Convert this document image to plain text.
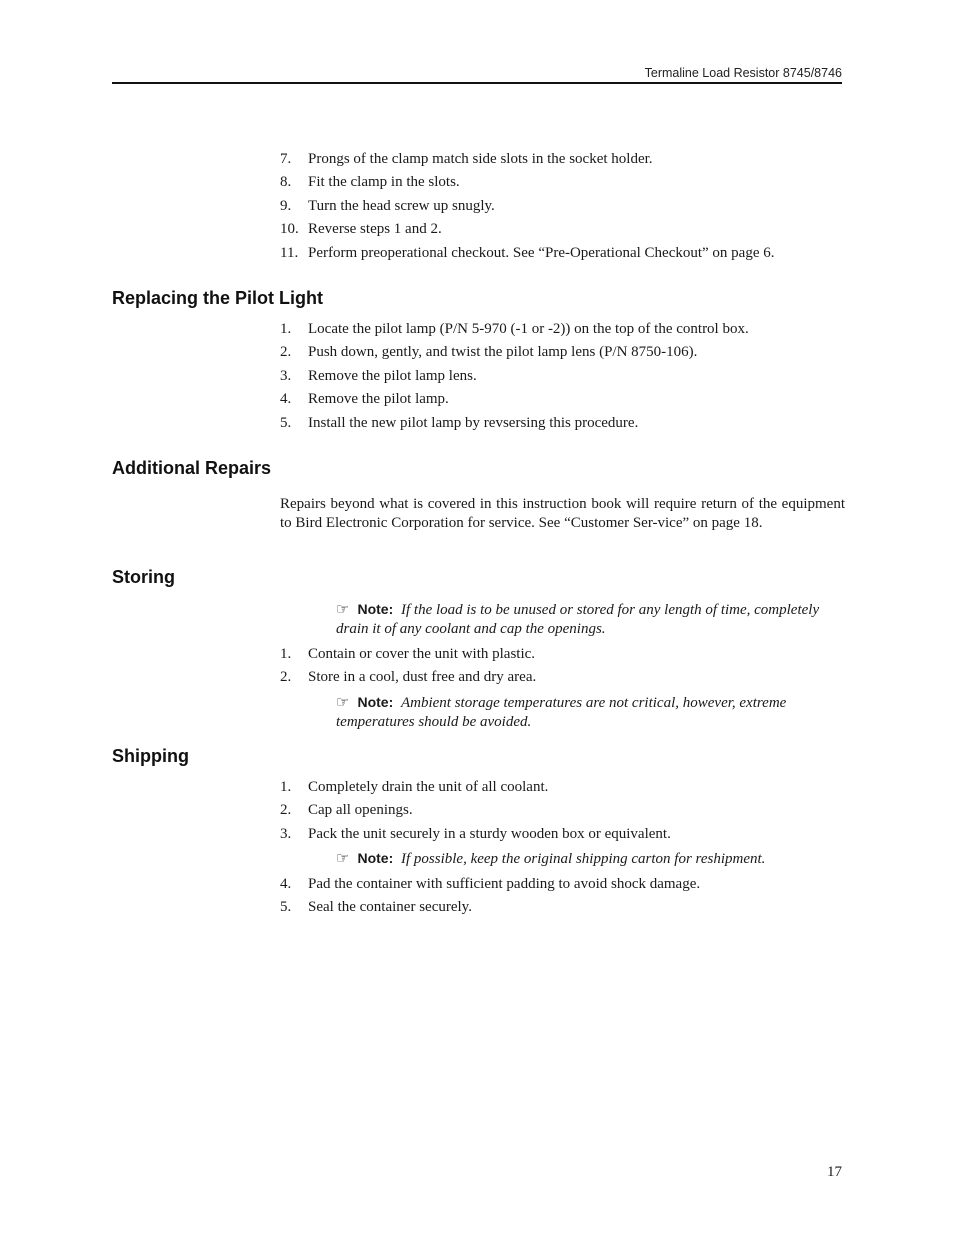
Termaline Load Resistor 8745/8746
7. Prongs of the clamp match side slots in the socket holder.
8. Fit the clamp in the slots.
9. Turn the head screw up snugly.
10. Reverse steps 1 and 2.
11. Perform preoperational checkout. See “Pre-Operational Checkout” on page 6.
Replacing the Pilot Light
1. Locate the pilot lamp (P/N 5-970 (-1 or -2)) on the top of the control box.
2. Push down, gently, and twist the pilot lamp lens (P/N 8750-106).
3. Remove the pilot lamp lens.
4. Remove the pilot lamp.
5. Install the new pilot lamp by revsersing this procedure.
Additional Repairs

Repairs beyond what is covered in this instruction book will require return of the equipment to Bird Electronic Corporation for service. See “Customer Ser-vice” on page 18.

Storing

☞ Note: If the load is to be unused or stored for any length of time, completely drain it of any coolant and cap the openings.

1. Contain or cover the unit with plastic.
2. Store in a cool, dust free and dry area.

☞ Note: Ambient storage temperatures are not critical, however, extreme temperatures should be avoided.

Shipping
1. Completely drain the unit of all coolant.
2. Cap all openings.
3. Pack the unit securely in a sturdy wooden box or equivalent.

☞ Note: If possible, keep the original shipping carton for reshipment.

4. Pad the container with sufficient padding to avoid shock damage.
5. Seal the container securely.
17
